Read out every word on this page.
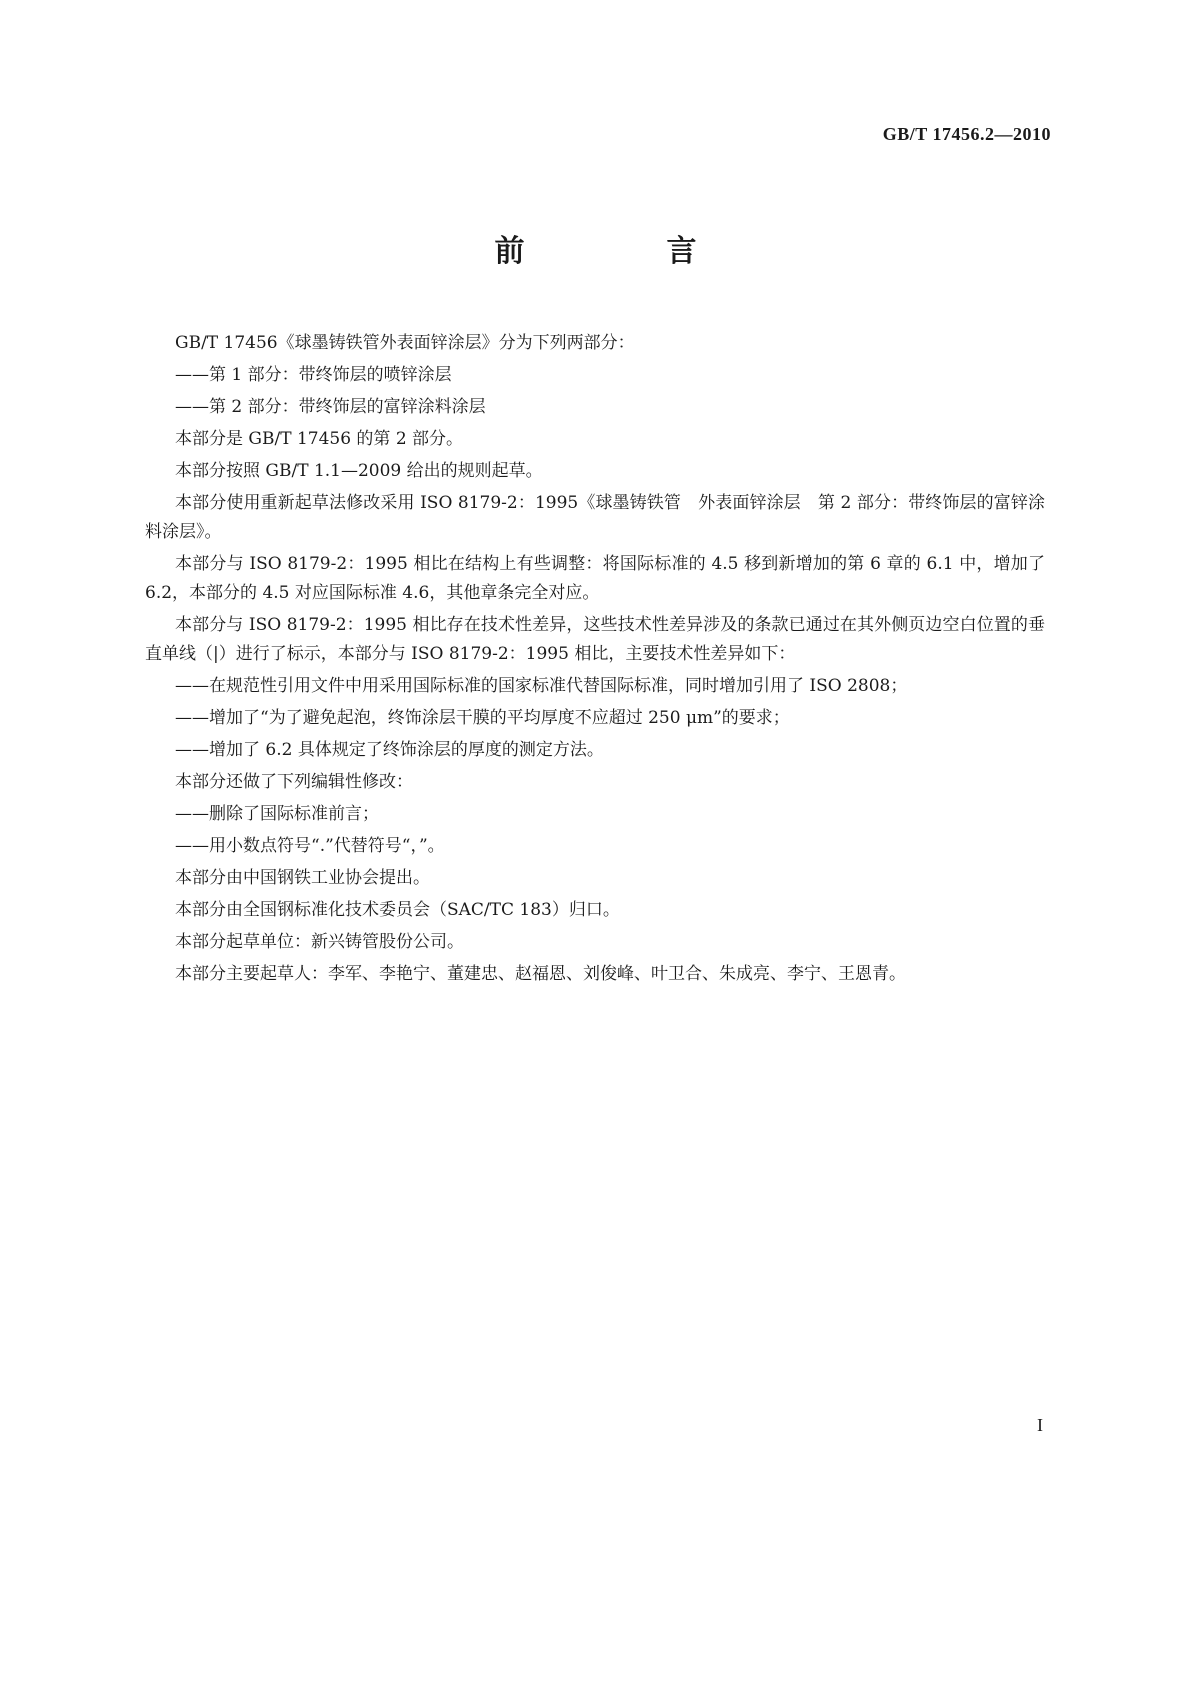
GB/T 17456.2—2010
前　言

GB/T 17456《球墨铸铁管外表面锌涂层》分为下列两部分：

——第 1 部分：带终饰层的喷锌涂层

——第 2 部分：带终饰层的富锌涂料涂层

本部分是 GB/T 17456 的第 2 部分。

本部分按照 GB/T 1.1—2009 给出的规则起草。

本部分使用重新起草法修改采用 ISO 8179-2：1995《球墨铸铁管　外表面锌涂层　第 2 部分：带终饰层的富锌涂料涂层》。

本部分与 ISO 8179-2：1995 相比在结构上有些调整：将国际标准的 4.5 移到新增加的第 6 章的 6.1 中，增加了 6.2，本部分的 4.5 对应国际标准 4.6，其他章条完全对应。

本部分与 ISO 8179-2：1995 相比存在技术性差异，这些技术性差异涉及的条款已通过在其外侧页边空白位置的垂直单线（|）进行了标示，本部分与 ISO 8179-2：1995 相比，主要技术性差异如下：

——在规范性引用文件中用采用国际标准的国家标准代替国际标准，同时增加引用了 ISO 2808；

——增加了“为了避免起泡，终饰涂层干膜的平均厚度不应超过 250 μm”的要求；

——增加了 6.2 具体规定了终饰涂层的厚度的测定方法。

本部分还做了下列编辑性修改：

——删除了国际标准前言；

——用小数点符号“.”代替符号“，”。

本部分由中国钢铁工业协会提出。

本部分由全国钢标准化技术委员会（SAC/TC 183）归口。

本部分起草单位：新兴铸管股份公司。

本部分主要起草人：李军、李艳宁、董建忠、赵福恩、刘俊峰、叶卫合、朱成亮、李宁、王恩青。

I
